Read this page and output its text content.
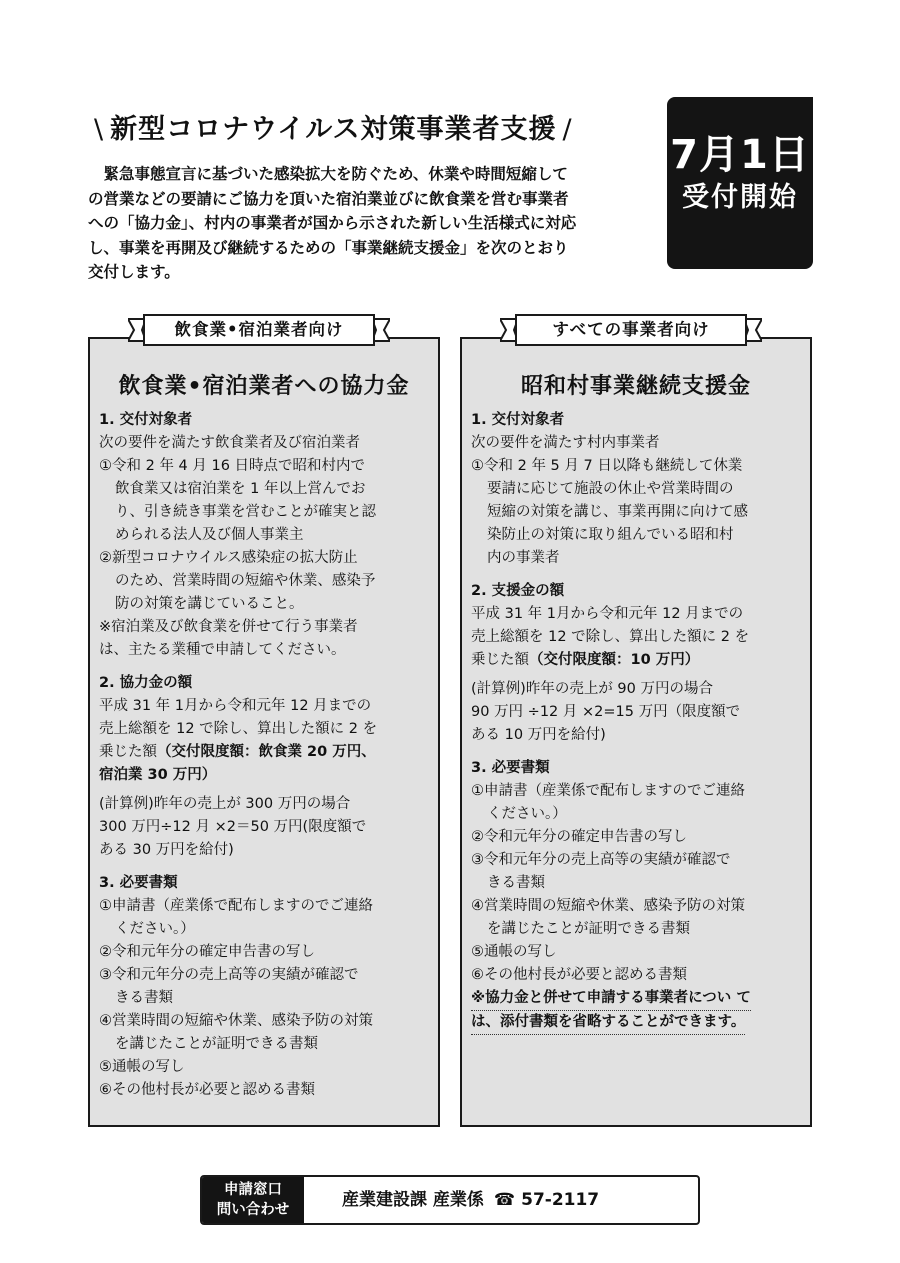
\ 新型コロナウイルス対策事業者支援 /
緊急事態宣言に基づいた感染拡大を防ぐため、休業や時間短縮して
の営業などの要請にご協力を頂いた宿泊業並びに飲食業を営む事業者
への「協力金」、村内の事業者が国から示された新しい生活様式に対応
し、事業を再開及び継続するための「事業継続支援金」を次のとおり
交付します。
7月1日
受付開始
飲食業•宿泊業者向け	すべての事業者向け
飲食業•宿泊業者への協力金
1. 交付対象者
次の要件を満たす飲食業者及び宿泊業者
①令和 2 年 4 月 16 日時点で昭和村内で
飲食業又は宿泊業を 1 年以上営んでお
り、引き続き事業を営むことが確実と認
められる法人及び個人事業主
②新型コロナウイルス感染症の拡大防止
のため、営業時間の短縮や休業、感染予
防の対策を講じていること。
※宿泊業及び飲食業を併せて行う事業者
は、主たる業種で申請してください。
2. 協力金の額
平成 31 年 1月から令和元年 12 月までの
売上総額を 12 で除し、算出した額に 2 を
乗じた額（交付限度額：飲食業 20 万円、
宿泊業 30 万円）
(計算例)昨年の売上が 300 万円の場合
300 万円÷12 月 ×2＝50 万円(限度額で
ある 30 万円を給付)
3. 必要書類
①申請書（産業係で配布しますのでご連絡
ください。）
②令和元年分の確定申告書の写し
③令和元年分の売上高等の実績が確認で
きる書類
④営業時間の短縮や休業、感染予防の対策
を講じたことが証明できる書類
⑤通帳の写し
⑥その他村長が必要と認める書類
昭和村事業継続支援金
1. 交付対象者
次の要件を満たす村内事業者
①令和 2 年 5 月 7 日以降も継続して休業
要請に応じて施設の休止や営業時間の
短縮の対策を講じ、事業再開に向けて感
染防止の対策に取り組んでいる昭和村
内の事業者
2. 支援金の額
平成 31 年 1月から令和元年 12 月までの
売上総額を 12 で除し、算出した額に 2 を
乗じた額（交付限度額：10 万円）
(計算例)昨年の売上が 90 万円の場合
90 万円 ÷12 月 ×2=15 万円（限度額で
ある 10 万円を給付)
3. 必要書類
①申請書（産業係で配布しますのでご連絡
ください。）
②令和元年分の確定申告書の写し
③令和元年分の売上高等の実績が確認で
きる書類
④営業時間の短縮や休業、感染予防の対策
を講じたことが証明できる書類
⑤通帳の写し
⑥その他村長が必要と認める書類
※協力金と併せて申請する事業者につい て
は、添付書類を省略することができます。
申請窓口
問い合わせ	産業建設課 産業係 ☎ 57-2117
